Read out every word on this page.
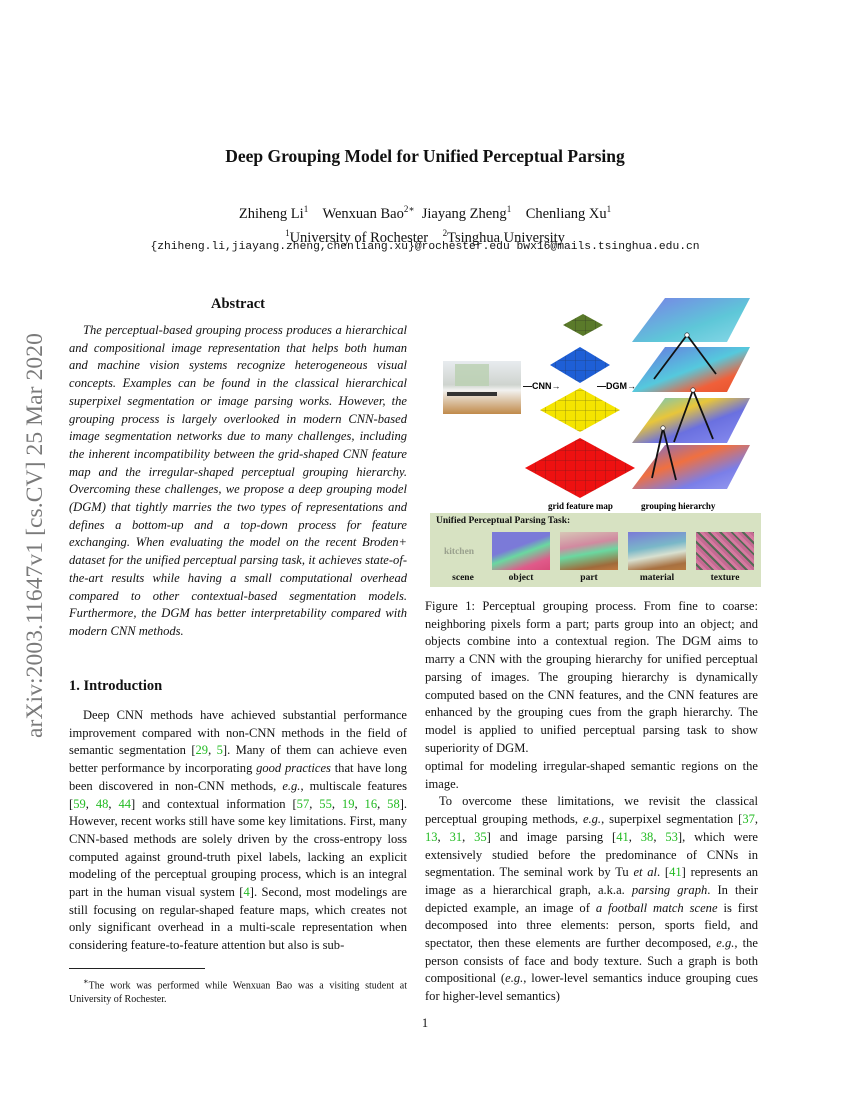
Deep Grouping Model for Unified Perceptual Parsing
Zhiheng Li$^1$ Wenxuan Bao$^{2∗}$ Jiayang Zheng$^1$ Chenliang Xu$^1$
$^1$University of Rochester $^2$Tsinghua University
{zhiheng.li,jiayang.zheng,chenliang.xu}@rochester.edu bwx16@mails.tsinghua.edu.cn
arXiv:2003.11647v1 [cs.CV] 25 Mar 2020
Abstract

The perceptual-based grouping process produces a hierarchical and compositional image representation that helps both human and machine vision systems recognize heterogeneous visual concepts. Examples can be found in the classical hierarchical superpixel segmentation or image parsing works. However, the grouping process is largely overlooked in modern CNN-based image segmentation networks due to many challenges, including the inherent incompatibility between the grid-shaped CNN feature map and the irregular-shaped perceptual grouping hierarchy. Overcoming these challenges, we propose a deep grouping model (DGM) that tightly marries the two types of representations and defines a bottom-up and a top-down process for feature exchanging. When evaluating the model on the recent Broden+ dataset for the unified perceptual parsing task, it achieves state-of-the-art results while having a small computational overhead compared to other contextual-based segmentation models. Furthermore, the DGM has better interpretability compared with modern CNN methods.

1. Introduction

Deep CNN methods have achieved substantial performance improvement compared with non-CNN methods in the field of semantic segmentation [29, 5]. Many of them can achieve even better performance by incorporating good practices that have long been discovered in non-CNN methods, e.g., multiscale features [59, 48, 44] and contextual information [57, 55, 19, 16, 58]. However, recent works still have some key limitations. First, many CNN-based methods are solely driven by the cross-entropy loss computed against ground-truth pixel labels, lacking an explicit modeling of the perceptual grouping process, which is an integral part in the human visual system [4]. Second, most modelings are still focusing on regular-shaped feature maps, which creates not only significant overhead in a multi-scale representation when considering feature-to-feature attention but also is sub-

∗The work was performed while Wenxuan Bao was a visiting student at University of Rochester.
—CNN→	—DGM→
grid feature map	grouping hierarchy
Unified Perceptual Parsing Task:
kitchen
scene	object	part	material	texture

Figure 1: Perceptual grouping process. From fine to coarse: neighboring pixels form a part; parts group into an object; and objects combine into a contextual region. The DGM aims to marry a CNN with the grouping hierarchy for unified perceptual parsing of images. The grouping hierarchy is dynamically computed based on the CNN features, and the CNN features are enhanced by the grouping cues from the graph hierarchy. The model is applied to unified perceptual parsing task to show superiority of DGM.

optimal for modeling irregular-shaped semantic regions on the image.

To overcome these limitations, we revisit the classical perceptual grouping methods, e.g., superpixel segmentation [37, 13, 31, 35] and image parsing [41, 38, 53], which were extensively studied before the predominance of CNNs in segmentation. The seminal work by Tu et al. [41] represents an image as a hierarchical graph, a.k.a. parsing graph. In their depicted example, an image of a football match scene is first decomposed into three elements: person, sports field, and spectator, then these elements are further decomposed, e.g., the person consists of face and body texture. Such a graph is both compositional (e.g., lower-level semantics induce grouping cues for higher-level semantics)

1
